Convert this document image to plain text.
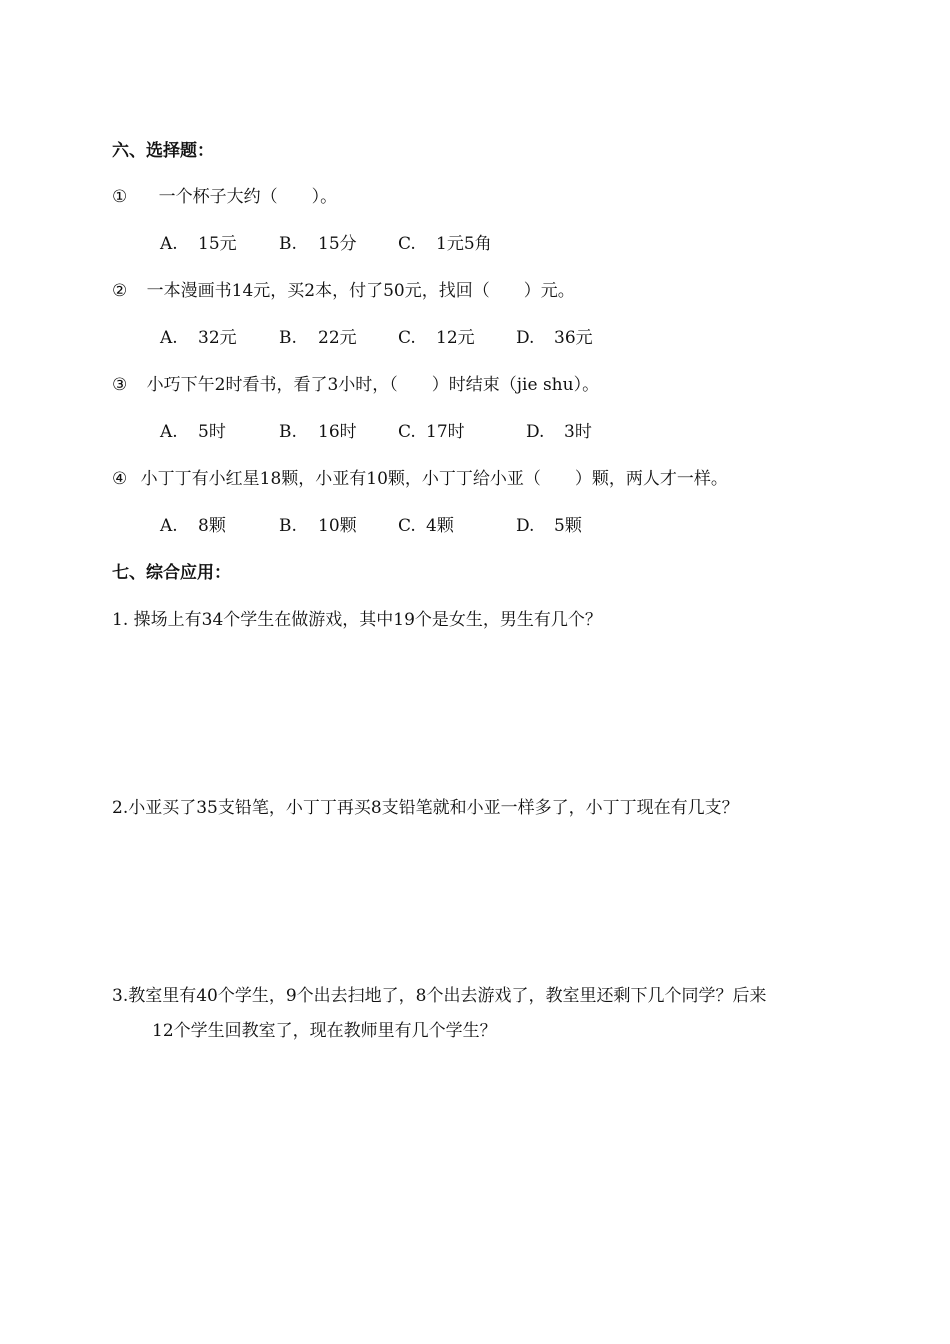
六、选择题：
① 一个杯子大约（　　）。
A. 15元 B. 15分 C. 1元5角
② 一本漫画书14元，买2本，付了50元，找回（　　）元。
A. 32元 B. 22元 C. 12元 D. 36元
③ 小巧下午2时看书，看了3小时，（　　）时结束（jie shu）。
A. 5时	B. 16时 C. 17时	D. 3时
④ 小丁丁有小红星18颗，小亚有10颗，小丁丁给小亚（　　）颗，两人才一样。
A. 8颗	B. 10颗 C. 4颗	D. 5颗
七、综合应用：
1. 操场上有34个学生在做游戏，其中19个是女生，男生有几个？
2.小亚买了35支铅笔，小丁丁再买8支铅笔就和小亚一样多了，小丁丁现在有几支？
3.教室里有40个学生，9个出去扫地了，8个出去游戏了，教室里还剩下几个同学？后来
12个学生回教室了，现在教师里有几个学生？
